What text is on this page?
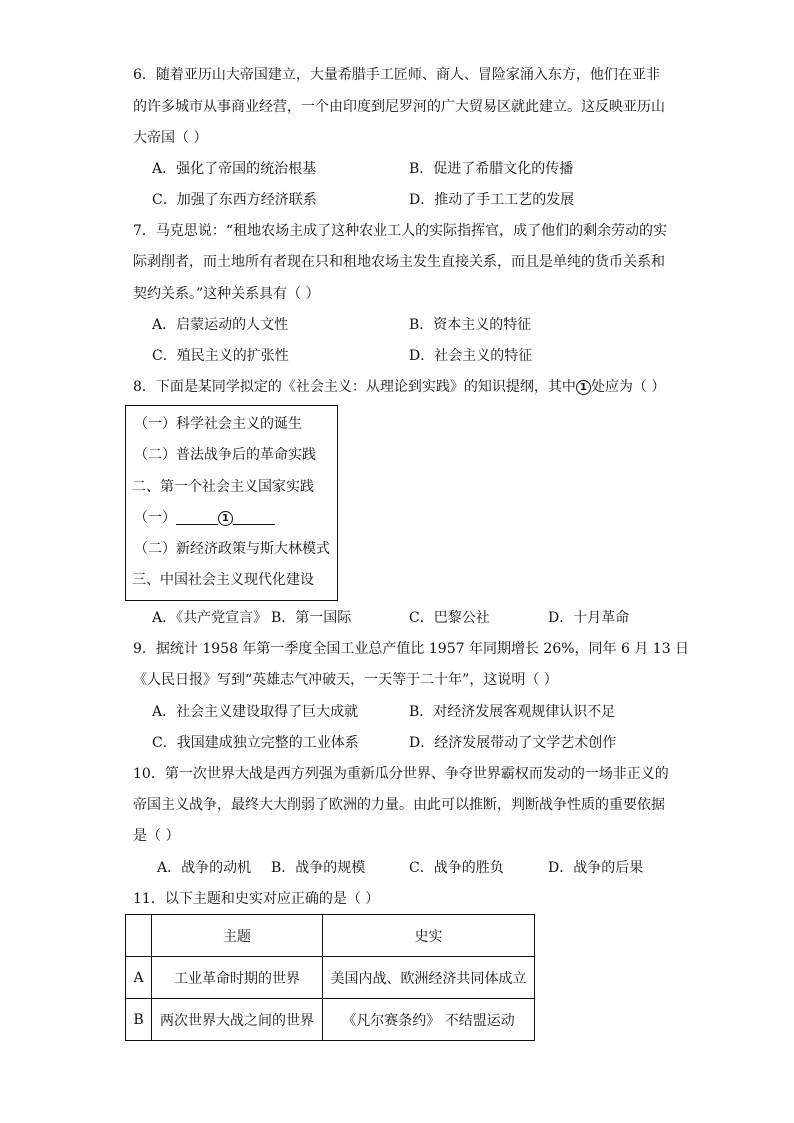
6．随着亚历山大帝国建立，大量希腊手工匠师、商人、冒险家涌入东方，他们在亚非
的许多城市从事商业经营，一个由印度到尼罗河的广大贸易区就此建立。这反映亚历山
大帝国（ ）
A．强化了帝国的统治根基	B．促进了希腊文化的传播
C．加强了东西方经济联系	D．推动了手工工艺的发展
7．马克思说：“租地农场主成了这种农业工人的实际指挥官，成了他们的剩余劳动的实
际剥削者，而土地所有者现在只和租地农场主发生直接关系，而且是单纯的货币关系和
契约关系。”这种关系具有（ ）
A．启蒙运动的人文性	B．资本主义的特征
C．殖民主义的扩张性	D．社会主义的特征
8．下面是某同学拟定的《社会主义：从理论到实践》的知识提纲，其中 1 处应为（ ）
（一）科学社会主义的诞生
（二）普法战争后的革命实践
二、第一个社会主义国家实践
（一）	1
（二）新经济政策与斯大林模式
三、中国社会主义现代化建设
A．《共产党宣言》 B．第一国际	C．巴黎公社	D．十月革命
9．据统计 1958 年第一季度全国工业总产值比 1957 年同期增长 26%，同年 6 月 13 日
《人民日报》写到“英雄志气冲破天，一天等于二十年”，这说明（ ）
A．社会主义建设取得了巨大成就	B．对经济发展客观规律认识不足
C．我国建成独立完整的工业体系	D．经济发展带动了文学艺术创作
10．第一次世界大战是西方列强为重新瓜分世界、争夺世界霸权而发动的一场非正义的
帝国主义战争，最终大大削弱了欧洲的力量。由此可以推断，判断战争性质的重要依据
是（ ）
A．战争的动机 B．战争的规模	C．战争的胜负	D．战争的后果
11．以下主题和史实对应正确的是（ ）
	主题	史实
A	工业革命时期的世界	美国内战、欧洲经济共同体成立
B	两次世界大战之间的世界	《凡尔赛条约》 不结盟运动
